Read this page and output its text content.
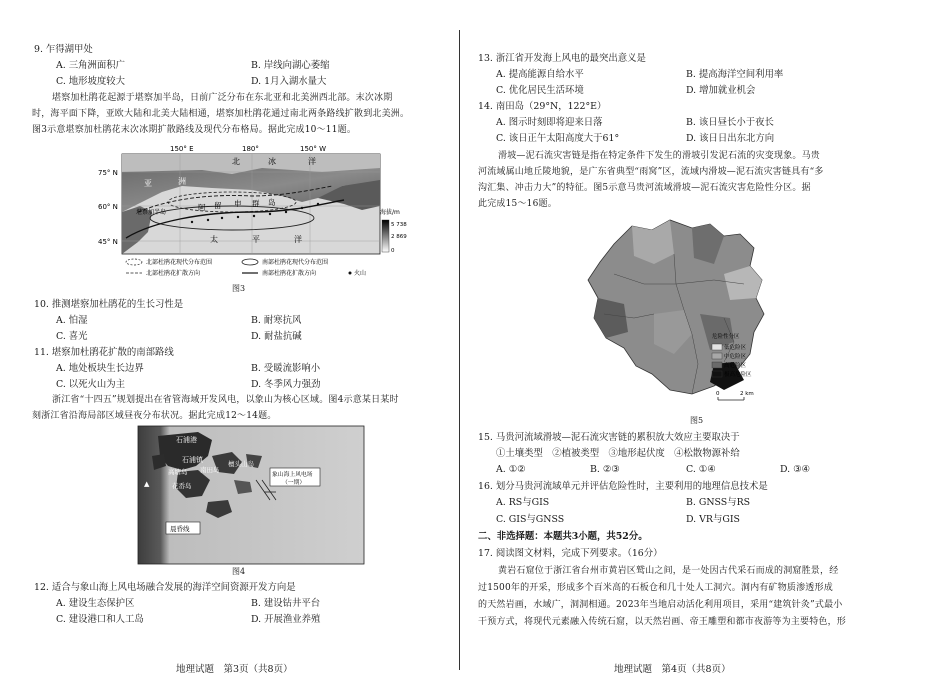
9. 乍得湖甲处
A. 三角洲面积广	B. 岸线向湖心萎缩
C. 地形坡度较大	D. 1月入湖水量大
堪察加杜鹃花起源于堪察加半岛，日前广泛分布在东北亚和北美洲西北部。末次冰期
时，海平面下降，亚欧大陆和北美大陆相通，堪察加杜鹃花通过南北两条路线扩散到北美洲。
图3示意堪察加杜鹃花末次冰期扩散路线及现代分布格局。据此完成10～11题。
150° E	180°	150° W
75° N
60° N
45° N
北	冰	洋
亚	洲
堪察加半岛
阿 留 申 群 岛
太	平	洋
海拔/m
5 738
2 869
0
北部杜鹃花现代分布范围	南部杜鹃花现代分布范围
北部杜鹃花扩散方向	南部杜鹃花扩散方向	火山
图3
10. 推测堪察加杜鹃花的生长习性是
A. 怕湿	B. 耐寒抗风
C. 喜光	D. 耐盐抗碱
11. 堪察加杜鹃花扩散的南部路线
A. 地处板块生长边界	B. 受暖流影响小
C. 以死火山为主	D. 冬季风力强劲
浙江省“十四五”规划提出在省管海域开发风电，以象山为核心区域。图4示意某日某时
刻浙江省沿海局部区域昼夜分布状况。据此完成12～14题。
石浦港
石浦镇
高塘岛 南田岛
檀头山岛
花岙岛
▲
象山海上风电场
（一期）
晨昏线
图4
12. 适合与象山海上风电场融合发展的海洋空间资源开发方向是
A. 建设生态保护区	B. 建设钻井平台
C. 建设港口和人工岛	D. 开展渔业养殖
地理试题　第3页（共8页）
13. 浙江省开发海上风电的最突出意义是
A. 提高能源自给水平	B. 提高海洋空间利用率
C. 优化居民生活环境	D. 增加就业机会
14. 南田岛（29°N，122°E）
A. 图示时刻即将迎来日落	B. 该日昼长小于夜长
C. 该日正午太阳高度大于61°	D. 该日日出东北方向
滑坡—泥石流灾害链是指在特定条件下发生的滑坡引发泥石流的灾变现象。马贵
河流域属山地丘陵地貌，是广东省典型“雨窝”区，流域内滑坡—泥石流灾害链具有“多
沟汇集、冲击力大”的特征。图5示意马贵河流域滑坡—泥石流灾害危险性分区。据
此完成15～16题。
危险性分区
低危险区
中危险区
高危险区
极高危险区
0	2 km
图5
15. 马贵河流域滑坡—泥石流灾害链的累积放大效应主要取决于
①土壤类型　②植被类型　③地形起伏度　④松散物源补给
A. ①②	B. ②③	C. ①④	D. ③④
16. 划分马贵河流域单元并评估危险性时，主要利用的地理信息技术是
A. RS与GIS	B. GNSS与RS
C. GIS与GNSS	D. VR与GIS
二、非选择题：本题共3小题，共52分。
17. 阅读图文材料，完成下列要求。（16分）
黄岩石窟位于浙江省台州市黄岩区鹫山之间，是一处因古代采石而成的洞窟胜景，经
过1500年的开采，形成多个百米高的石板仓和几十处人工洞穴。洞内有矿物质渗透形成
的天然岩画，水域广，洞洞相通。2023年当地启动活化利用项目，采用“建筑针灸”式最小
干预方式，将现代元素融入传统石窟，以天然岩画、帝王雕塑和都市夜游等为主要特色，形
地理试题　第4页（共8页）
